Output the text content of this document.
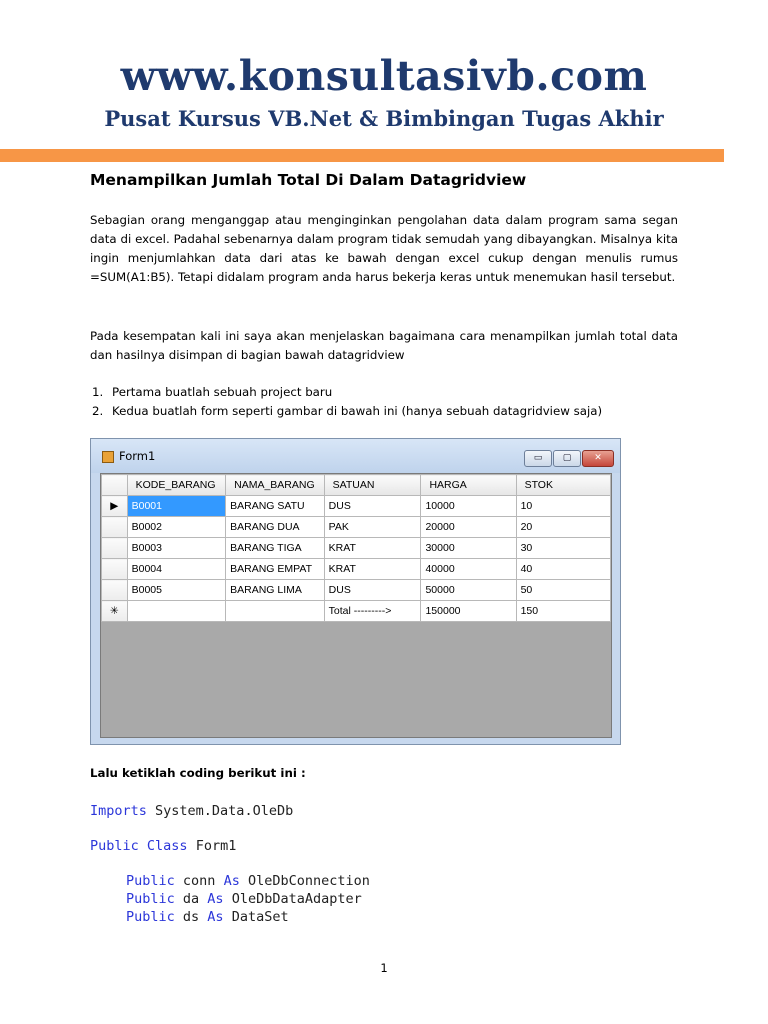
www.konsultasivb.com
Pusat Kursus VB.Net & Bimbingan Tugas Akhir
Menampilkan Jumlah Total Di Dalam Datagridview
Sebagian orang menganggap atau menginginkan pengolahan data dalam program sama segan data di excel. Padahal sebenarnya dalam program tidak semudah yang dibayangkan. Misalnya kita ingin menjumlahkan data dari atas ke bawah dengan excel cukup dengan menulis rumus =SUM(A1:B5). Tetapi didalam program anda harus bekerja keras untuk menemukan hasil tersebut.
Pada kesempatan kali ini saya akan menjelaskan bagaimana cara menampilkan jumlah total data dan hasilnya disimpan di bagian bawah datagridview
1. Pertama buatlah sebuah project baru
2. Kedua buatlah form seperti gambar di bawah ini (hanya sebuah datagridview saja)
Form1	▭	▢	✕
	KODE_BARANG	NAMA_BARANG	SATUAN	HARGA	STOK
▶	B0001	BARANG SATU	DUS	10000	10
	B0002	BARANG DUA	PAK	20000	20
	B0003	BARANG TIGA	KRAT	30000	30
	B0004	BARANG EMPAT	KRAT	40000	40
	B0005	BARANG LIMA	DUS	50000	50
✳			Total --------->	150000	150
Lalu ketiklah coding berikut ini :
Imports System.Data.OleDb
Public Class Form1
Public conn As OleDbConnection
Public da As OleDbDataAdapter
Public ds As DataSet
1
